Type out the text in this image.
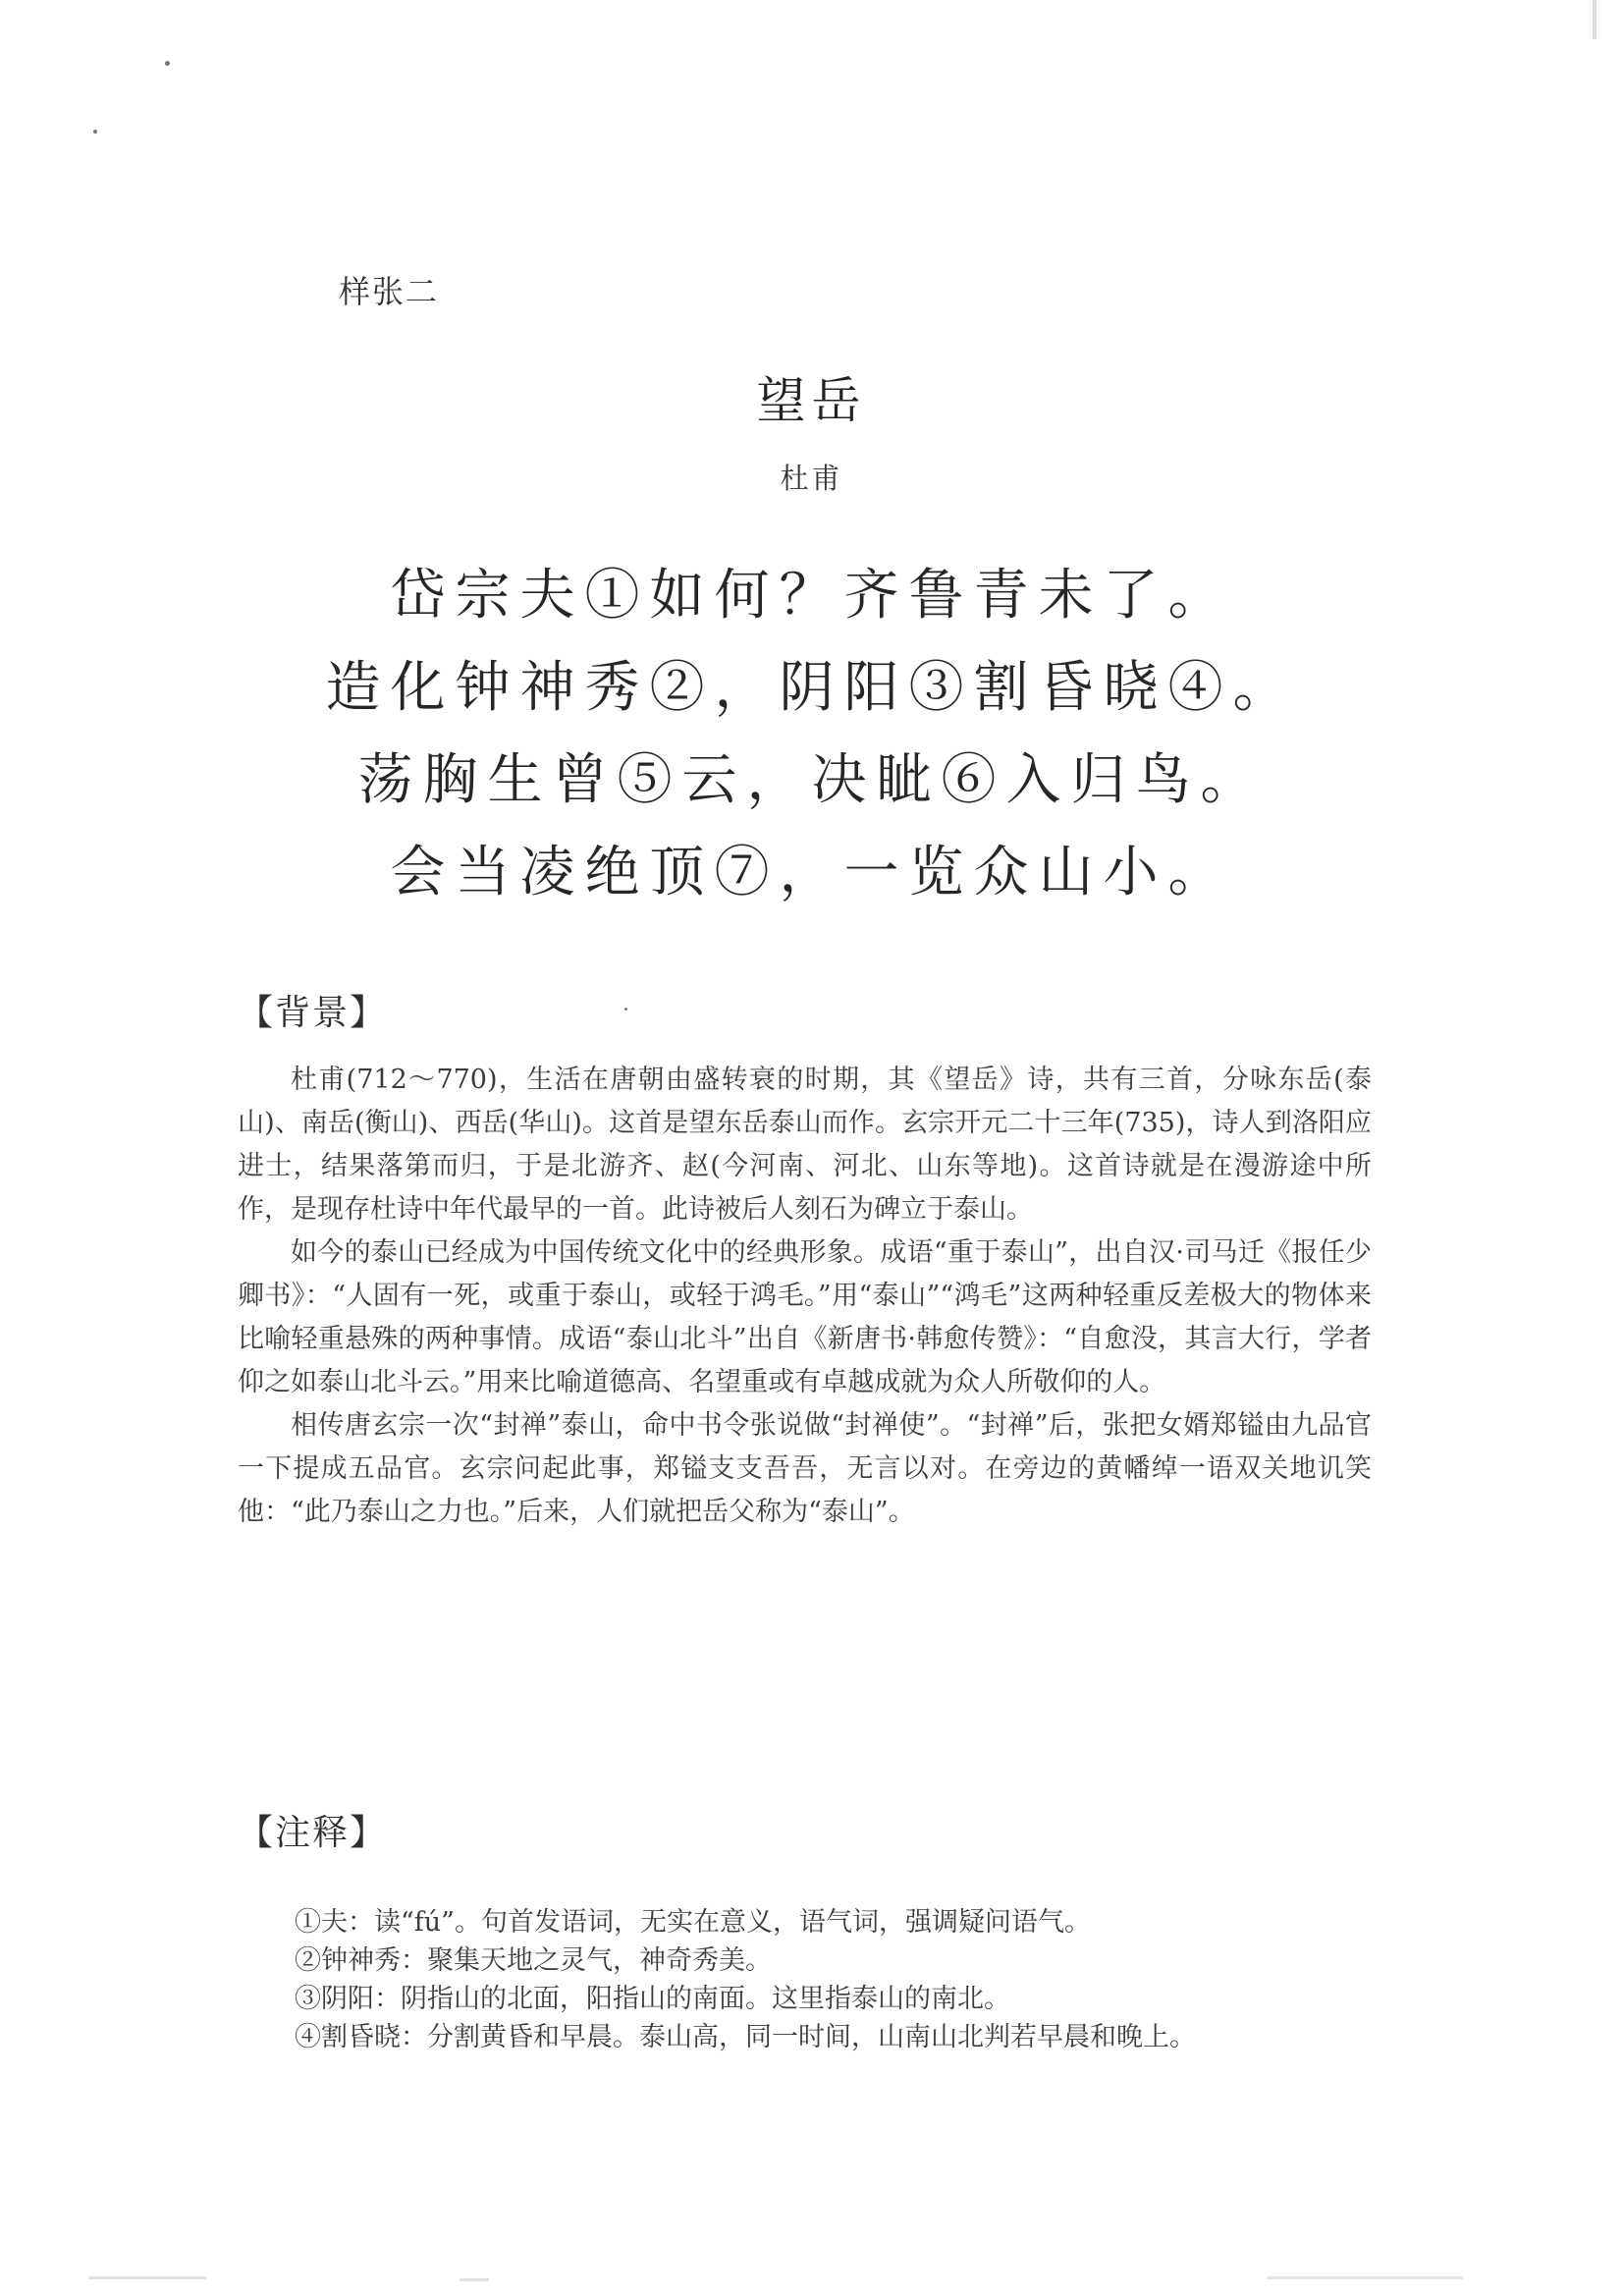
样张二
望岳
杜甫
岱宗夫①如何？齐鲁青未了。
造化钟神秀②，阴阳③割昏晓④。
荡胸生曾⑤云，决眦⑥入归鸟。
会当凌绝顶⑦，一览众山小。
【背景】

杜甫(712～770)，生活在唐朝由盛转衰的时期，其《望岳》诗，共有三首，分咏东岳(泰山)、南岳(衡山)、西岳(华山)。这首是望东岳泰山而作。玄宗开元二十三年(735)，诗人到洛阳应进士，结果落第而归，于是北游齐、赵(今河南、河北、山东等地)。这首诗就是在漫游途中所作，是现存杜诗中年代最早的一首。此诗被后人刻石为碑立于泰山。

如今的泰山已经成为中国传统文化中的经典形象。成语“重于泰山”，出自汉·司马迁《报任少卿书》：“人固有一死，或重于泰山，或轻于鸿毛。”用“泰山”“鸿毛”这两种轻重反差极大的物体来比喻轻重悬殊的两种事情。成语“泰山北斗”出自《新唐书·韩愈传赞》：“自愈没，其言大行，学者仰之如泰山北斗云。”用来比喻道德高、名望重或有卓越成就为众人所敬仰的人。

相传唐玄宗一次“封禅”泰山，命中书令张说做“封禅使”。“封禅”后，张把女婿郑镒由九品官一下提成五品官。玄宗问起此事，郑镒支支吾吾，无言以对。在旁边的黄幡绰一语双关地讥笑他：“此乃泰山之力也。”后来，人们就把岳父称为“泰山”。

【注释】
①夫：读“fú”。句首发语词，无实在意义，语气词，强调疑问语气。
②钟神秀：聚集天地之灵气，神奇秀美。
③阴阳：阴指山的北面，阳指山的南面。这里指泰山的南北。
④割昏晓：分割黄昏和早晨。泰山高，同一时间，山南山北判若早晨和晚上。
